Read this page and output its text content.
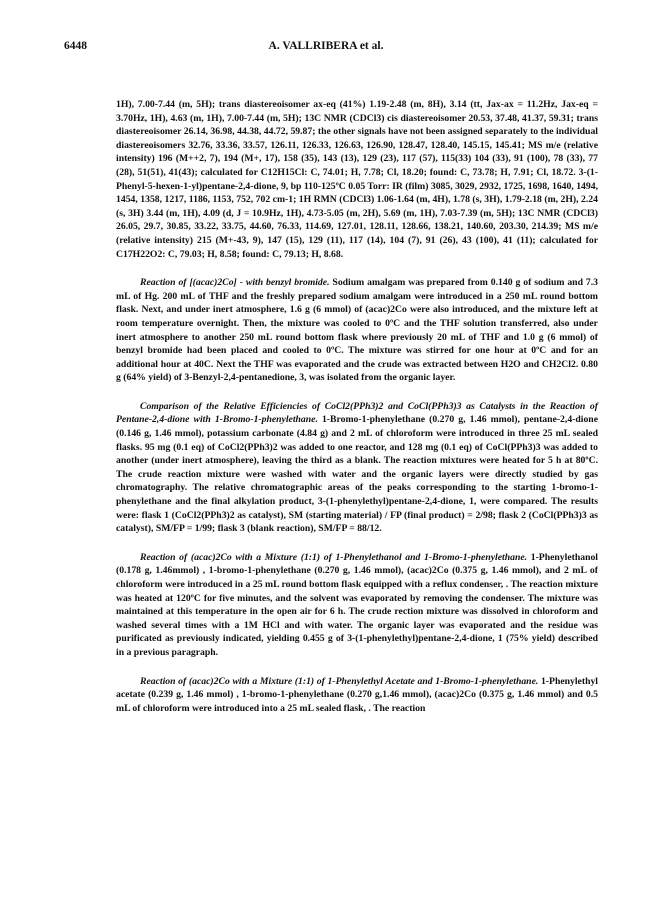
6448	A. VALLRIBERA et al.

1H), 7.00-7.44 (m, 5H); trans diastereoisomer ax-eq (41%) 1.19-2.48 (m, 8H), 3.14 (tt, Jax-ax = 11.2Hz, Jax-eq = 3.70Hz, 1H), 4.63 (m, 1H), 7.00-7.44 (m, 5H); 13C NMR (CDCl3) cis diastereoisomer 20.53, 37.48, 41.37, 59.31; trans diastereoisomer 26.14, 36.98, 44.38, 44.72, 59.87; the other signals have not been assigned separately to the individual diastereoisomers 32.76, 33.36, 33.57, 126.11, 126.33, 126.63, 126.90, 128.47, 128.40, 145.15, 145.41; MS m/e (relative intensity) 196 (M++2, 7), 194 (M+, 17), 158 (35), 143 (13), 129 (23), 117 (57), 115(33) 104 (33), 91 (100), 78 (33), 77 (28), 51(51), 41(43); calculated for C12H15Cl: C, 74.01; H, 7.78; Cl, 18.20; found: C, 73.78; H, 7.91; Cl, 18.72. 3-(1-Phenyl-5-hexen-1-yl)pentane-2,4-dione, 9, bp 110-125ºC 0.05 Torr: IR (film) 3085, 3029, 2932, 1725, 1698, 1640, 1494, 1454, 1358, 1217, 1186, 1153, 752, 702 cm-1; 1H RMN (CDCl3) 1.06-1.64 (m, 4H), 1.78 (s, 3H), 1.79-2.18 (m, 2H), 2.24 (s, 3H) 3.44 (m, 1H), 4.09 (d, J = 10.9Hz, 1H), 4.73-5.05 (m, 2H), 5.69 (m, 1H), 7.03-7.39 (m, 5H); 13C NMR (CDCl3) 26.05, 29.7, 30.85, 33.22, 33.75, 44.60, 76.33, 114.69, 127.01, 128.11, 128.66, 138.21, 140.60, 203.30, 214.39; MS m/e (relative intensity) 215 (M+-43, 9), 147 (15), 129 (11), 117 (14), 104 (7), 91 (26), 43 (100), 41 (11); calculated for C17H22O2: C, 79.03; H, 8.58; found: C, 79.13; H, 8.68.

Reaction of [(acac)2Co] - with benzyl bromide. Sodium amalgam was prepared from 0.140 g of sodium and 7.3 mL of Hg. 200 mL of THF and the freshly prepared sodium amalgam were introduced in a 250 mL round bottom flask. Next, and under inert atmosphere, 1.6 g (6 mmol) of (acac)2Co were also introduced, and the mixture left at room temperature overnight. Then, the mixture was cooled to 0ºC and the THF solution transferred, also under inert atmosphere to another 250 mL round bottom flask where previously 20 mL of THF and 1.0 g (6 mmol) of benzyl bromide had been placed and cooled to 0ºC. The mixture was stirred for one hour at 0ºC and for an additional hour at 40C. Next the THF was evaporated and the crude was extracted between H2O and CH2Cl2. 0.80 g (64% yield) of 3-Benzyl-2,4-pentanedione, 3, was isolated from the organic layer.

Comparison of the Relative Efficiencies of CoCl2(PPh3)2 and CoCl(PPh3)3 as Catalysts in the Reaction of Pentane-2,4-dione with 1-Bromo-1-phenylethane. 1-Bromo-1-phenylethane (0.270 g, 1.46 mmol), pentane-2,4-dione (0.146 g, 1.46 mmol), potassium carbonate (4.84 g) and 2 mL of chloroform were introduced in three 25 mL sealed flasks. 95 mg (0.1 eq) of CoCl2(PPh3)2 was added to one reactor, and 128 mg (0.1 eq) of CoCl(PPh3)3 was added to another (under inert atmosphere), leaving the third as a blank. The reaction mixtures were heated for 5 h at 80ºC. The crude reaction mixture were washed with water and the organic layers were directly studied by gas chromatography. The relative chromatographic areas of the peaks corresponding to the starting 1-bromo-1-phenylethane and the final alkylation product, 3-(1-phenylethyl)pentane-2,4-dione, 1, were compared. The results were: flask 1 (CoCl2(PPh3)2 as catalyst), SM (starting material) / FP (final product) = 2/98; flask 2 (CoCl(PPh3)3 as catalyst), SM/FP = 1/99; flask 3 (blank reaction), SM/FP = 88/12.

Reaction of (acac)2Co with a Mixture (1:1) of 1-Phenylethanol and 1-Bromo-1-phenylethane. 1-Phenylethanol (0.178 g, 1.46mmol) , 1-bromo-1-phenylethane (0.270 g, 1.46 mmol), (acac)2Co (0.375 g, 1.46 mmol), and 2 mL of chloroform were introduced in a 25 mL round bottom flask equipped with a reflux condenser, . The reaction mixture was heated at 120ºC for five minutes, and the solvent was evaporated by removing the condenser. The mixture was maintained at this temperature in the open air for 6 h. The crude rection mixture was dissolved in chloroform and washed several times with a 1M HCl and with water. The organic layer was evaporated and the residue was purificated as previously indicated, yielding 0.455 g of 3-(1-phenylethyl)pentane-2,4-dione, 1 (75% yield) described in a previous paragraph.

Reaction of (acac)2Co with a Mixture (1:1) of 1-Phenylethyl Acetate and 1-Bromo-1-phenylethane. 1-Phenylethyl acetate (0.239 g, 1.46 mmol) , 1-bromo-1-phenylethane (0.270 g,1.46 mmol), (acac)2Co (0.375 g, 1.46 mmol) and 0.5 mL of chloroform were introduced into a 25 mL sealed flask, . The reaction
